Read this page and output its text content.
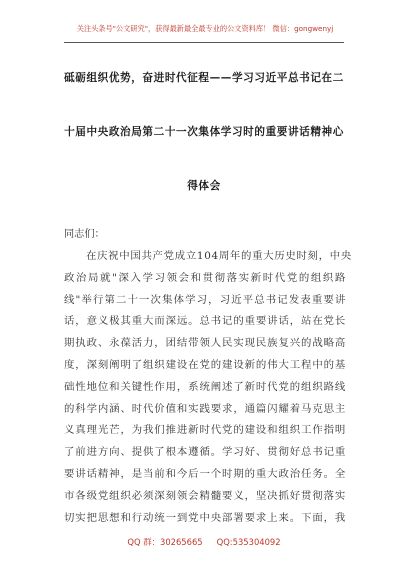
关注头条号"公文研究"，获得最新最全最专业的公文资料库！ 微信：gongwenyj
砥砺组织优势，奋进时代征程——学习习近平总书记在二
十届中央政治局第二十一次集体学习时的重要讲话精神心
得体会
同志们：
在庆祝中国共产党成立104周年的重大历史时刻，中央
政治局就"深入学习领会和贯彻落实新时代党的组织路
线"举行第二十一次集体学习，习近平总书记发表重要讲
话，意义极其重大而深远。总书记的重要讲话，站在党长
期执政、永葆活力，团结带领人民实现民族复兴的战略高
度，深刻阐明了组织建设在党的建设新的伟大工程中的基
础性地位和关键性作用，系统阐述了新时代党的组织路线
的科学内涵、时代价值和实践要求，通篇闪耀着马克思主
义真理光芒，为我们推进新时代党的建设和组织工作指明
了前进方向、提供了根本遵循。学习好、贯彻好总书记重
要讲话精神，是当前和今后一个时期的重大政治任务。全
市各级党组织必须深刻领会精髓要义，坚决抓好贯彻落实
切实把思想和行动统一到党中央部署要求上来。下面，我
QQ 群：30265665 QQ:535304092
